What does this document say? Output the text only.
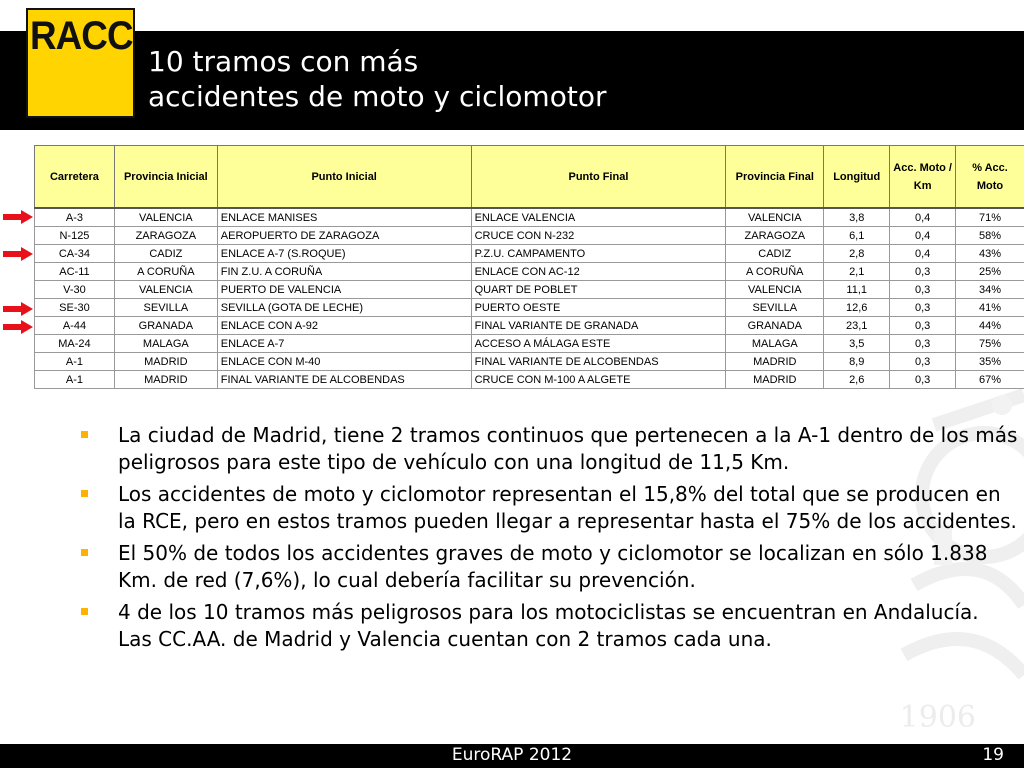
RACC
10 tramos con más
accidentes de moto y ciclomotor
1906
Carretera	Provincia Inicial	Punto Inicial	Punto Final	Provincia Final	Longitud	Acc. Moto / Km	% Acc. Moto
A-3	VALENCIA	ENLACE MANISES	ENLACE VALENCIA	VALENCIA	3,8	0,4	71%
N-125	ZARAGOZA	AEROPUERTO DE ZARAGOZA	CRUCE CON N-232	ZARAGOZA	6,1	0,4	58%
CA-34	CADIZ	ENLACE A-7 (S.ROQUE)	P.Z.U. CAMPAMENTO	CADIZ	2,8	0,4	43%
AC-11	A CORUÑA	FIN Z.U. A CORUÑA	ENLACE CON AC-12	A CORUÑA	2,1	0,3	25%
V-30	VALENCIA	PUERTO DE VALENCIA	QUART DE POBLET	VALENCIA	11,1	0,3	34%
SE-30	SEVILLA	SEVILLA (GOTA DE LECHE)	PUERTO OESTE	SEVILLA	12,6	0,3	41%
A-44	GRANADA	ENLACE CON A-92	FINAL VARIANTE DE GRANADA	GRANADA	23,1	0,3	44%
MA-24	MALAGA	ENLACE A-7	ACCESO A MÁLAGA ESTE	MALAGA	3,5	0,3	75%
A-1	MADRID	ENLACE CON M-40	FINAL VARIANTE DE ALCOBENDAS	MADRID	8,9	0,3	35%
A-1	MADRID	FINAL VARIANTE DE ALCOBENDAS	CRUCE CON M-100 A ALGETE	MADRID	2,6	0,3	67%
La ciudad de Madrid, tiene 2 tramos continuos que pertenecen a la A-1 dentro de los más peligrosos para este tipo de vehículo con una longitud de 11,5 Km.
Los accidentes de moto y ciclomotor representan el 15,8% del total que se producen en la RCE, pero en estos tramos pueden llegar a representar hasta el 75% de los accidentes.
El 50% de todos los accidentes graves de moto y ciclomotor se localizan en sólo 1.838 Km. de red (7,6%), lo cual debería facilitar su prevención.
4 de los 10 tramos más peligrosos para los motociclistas se encuentran en Andalucía. Las CC.AA. de Madrid y Valencia cuentan con 2 tramos cada una.
EuroRAP 2012	19
